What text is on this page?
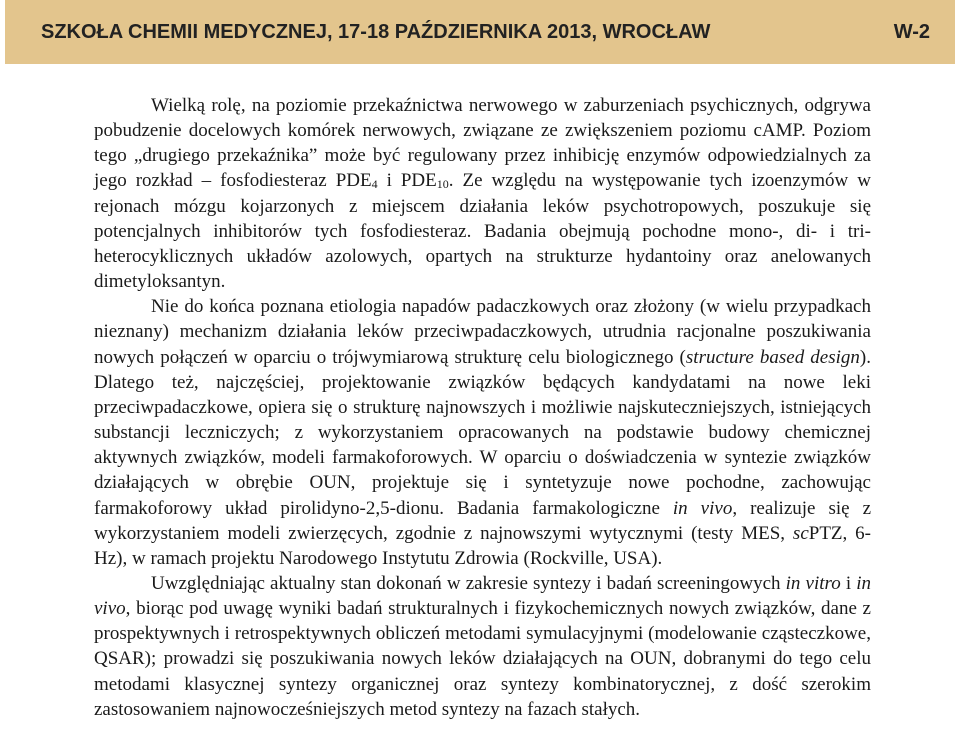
SZKOŁA CHEMII MEDYCZNEJ, 17-18 PAŹDZIERNIKA 2013, WROCŁAW	W-2

Wielką rolę, na poziomie przekaźnictwa nerwowego w zaburzeniach psychicznych, odgrywa pobudzenie docelowych komórek nerwowych, związane ze zwiększeniem poziomu cAMP. Poziom tego „drugiego przekaźnika” może być regulowany przez inhibicję enzymów odpowiedzialnych za jego rozkład – fosfodiesteraz $PDE_4$ i $PDE_{10}$. Ze względu na występowanie tych izoenzymów w rejonach mózgu kojarzonych z miejscem działania leków psychotropowych, poszukuje się potencjalnych inhibitorów tych fosfodiesteraz. Badania obejmują pochodne mono-, di- i tri-heterocyklicznych układów azolowych, opartych na strukturze hydantoiny oraz anelowanych dimetyloksantyn.

Nie do końca poznana etiologia napadów padaczkowych oraz złożony (w wielu przypadkach nieznany) mechanizm działania leków przeciwpadaczkowych, utrudnia racjonalne poszukiwania nowych połączeń w oparciu o trójwymiarową strukturę celu biologicznego (structure based design). Dlatego też, najczęściej, projektowanie związków będących kandydatami na nowe leki przeciwpadaczkowe, opiera się o strukturę najnowszych i możliwie najskuteczniejszych, istniejących substancji leczniczych; z wykorzystaniem opracowanych na podstawie budowy chemicznej aktywnych związków, modeli farmakoforowych. W oparciu o doświadczenia w syntezie związków działających w obrębie OUN, projektuje się i syntetyzuje nowe pochodne, zachowując farmakoforowy układ pirolidyno-2,5-dionu. Badania farmakologiczne in vivo, realizuje się z wykorzystaniem modeli zwierzęcych, zgodnie z najnowszymi wytycznymi (testy MES, scPTZ, 6-Hz), w ramach projektu Narodowego Instytutu Zdrowia (Rockville, USA).

Uwzględniając aktualny stan dokonań w zakresie syntezy i badań screeningowych in vitro i in vivo, biorąc pod uwagę wyniki badań strukturalnych i fizykochemicznych nowych związków, dane z prospektywnych i retrospektywnych obliczeń metodami symulacyjnymi (modelowanie cząsteczkowe, QSAR); prowadzi się poszukiwania nowych leków działających na OUN, dobranymi do tego celu metodami klasycznej syntezy organicznej oraz syntezy kombinatorycznej, z dość szerokim zastosowaniem najnowocześniejszych metod syntezy na fazach stałych.
